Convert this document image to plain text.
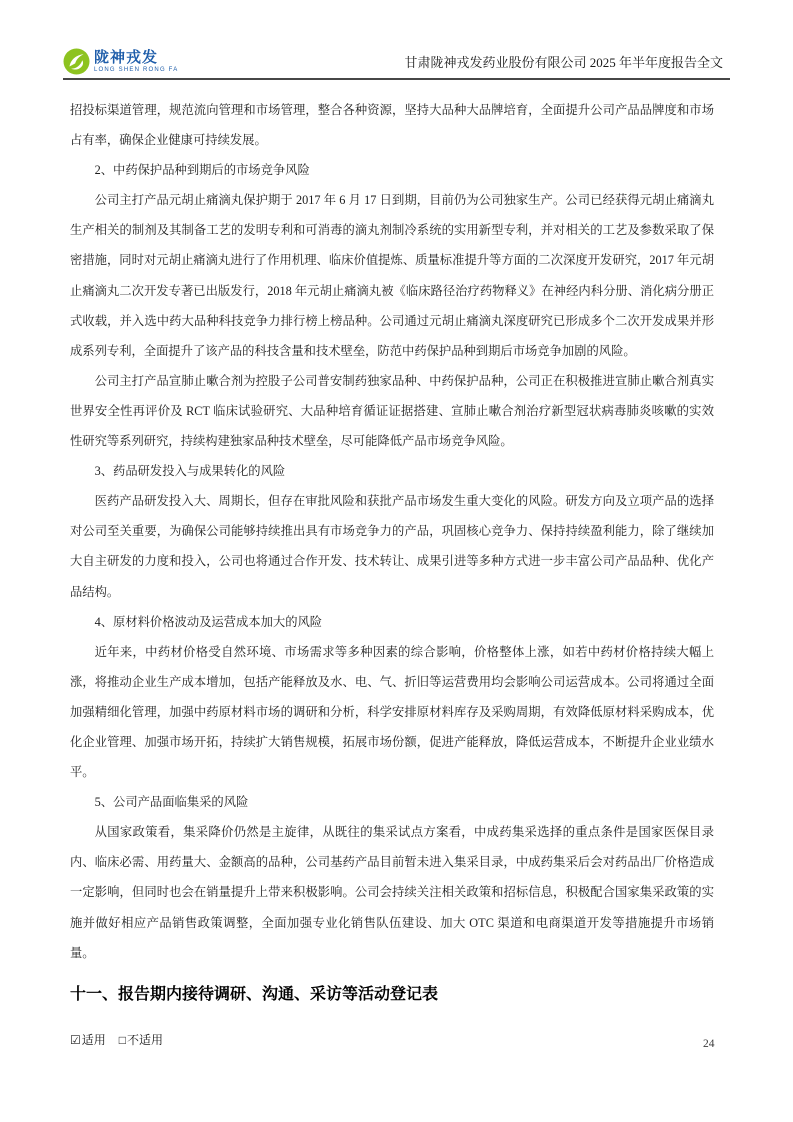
陇神戎发
LONG SHEN RONG FA	甘肃陇神戎发药业股份有限公司 2025 年半年度报告全文

招投标渠道管理，规范流向管理和市场管理，整合各种资源，坚持大品种大品牌培育，全面提升公司产品品牌度和市场占有率，确保企业健康可持续发展。

2、中药保护品种到期后的市场竞争风险

公司主打产品元胡止痛滴丸保护期于 2017 年 6 月 17 日到期，目前仍为公司独家生产。公司已经获得元胡止痛滴丸生产相关的制剂及其制备工艺的发明专利和可消毒的滴丸剂制冷系统的实用新型专利，并对相关的工艺及参数采取了保密措施，同时对元胡止痛滴丸进行了作用机理、临床价值提炼、质量标准提升等方面的二次深度开发研究，2017 年元胡止痛滴丸二次开发专著已出版发行，2018 年元胡止痛滴丸被《临床路径治疗药物释义》在神经内科分册、消化病分册正式收载，并入选中药大品种科技竞争力排行榜上榜品种。公司通过元胡止痛滴丸深度研究已形成多个二次开发成果并形成系列专利，全面提升了该产品的科技含量和技术壁垒，防范中药保护品种到期后市场竞争加剧的风险。

公司主打产品宣肺止嗽合剂为控股子公司普安制药独家品种、中药保护品种，公司正在积极推进宣肺止嗽合剂真实世界安全性再评价及 RCT 临床试验研究、大品种培育循证证据搭建、宣肺止嗽合剂治疗新型冠状病毒肺炎咳嗽的实效性研究等系列研究，持续构建独家品种技术壁垒，尽可能降低产品市场竞争风险。

3、药品研发投入与成果转化的风险

医药产品研发投入大、周期长，但存在审批风险和获批产品市场发生重大变化的风险。研发方向及立项产品的选择对公司至关重要，为确保公司能够持续推出具有市场竞争力的产品，巩固核心竞争力、保持持续盈利能力，除了继续加大自主研发的力度和投入，公司也将通过合作开发、技术转让、成果引进等多种方式进一步丰富公司产品品种、优化产品结构。

4、原材料价格波动及运营成本加大的风险

近年来，中药材价格受自然环境、市场需求等多种因素的综合影响，价格整体上涨，如若中药材价格持续大幅上涨，将推动企业生产成本增加，包括产能释放及水、电、气、折旧等运营费用均会影响公司运营成本。公司将通过全面加强精细化管理，加强中药原材料市场的调研和分析，科学安排原材料库存及采购周期，有效降低原材料采购成本，优化企业管理、加强市场开拓，持续扩大销售规模，拓展市场份额，促进产能释放，降低运营成本，不断提升企业业绩水平。

5、公司产品面临集采的风险

从国家政策看，集采降价仍然是主旋律，从既往的集采试点方案看，中成药集采选择的重点条件是国家医保目录内、临床必需、用药量大、金额高的品种，公司基药产品目前暂未进入集采目录，中成药集采后会对药品出厂价格造成一定影响，但同时也会在销量提升上带来积极影响。公司会持续关注相关政策和招标信息，积极配合国家集采政策的实施并做好相应产品销售政策调整，全面加强专业化销售队伍建设、加大 OTC 渠道和电商渠道开发等措施提升市场销量。

十一、报告期内接待调研、沟通、采访等活动登记表
☑适用 □不适用	24
